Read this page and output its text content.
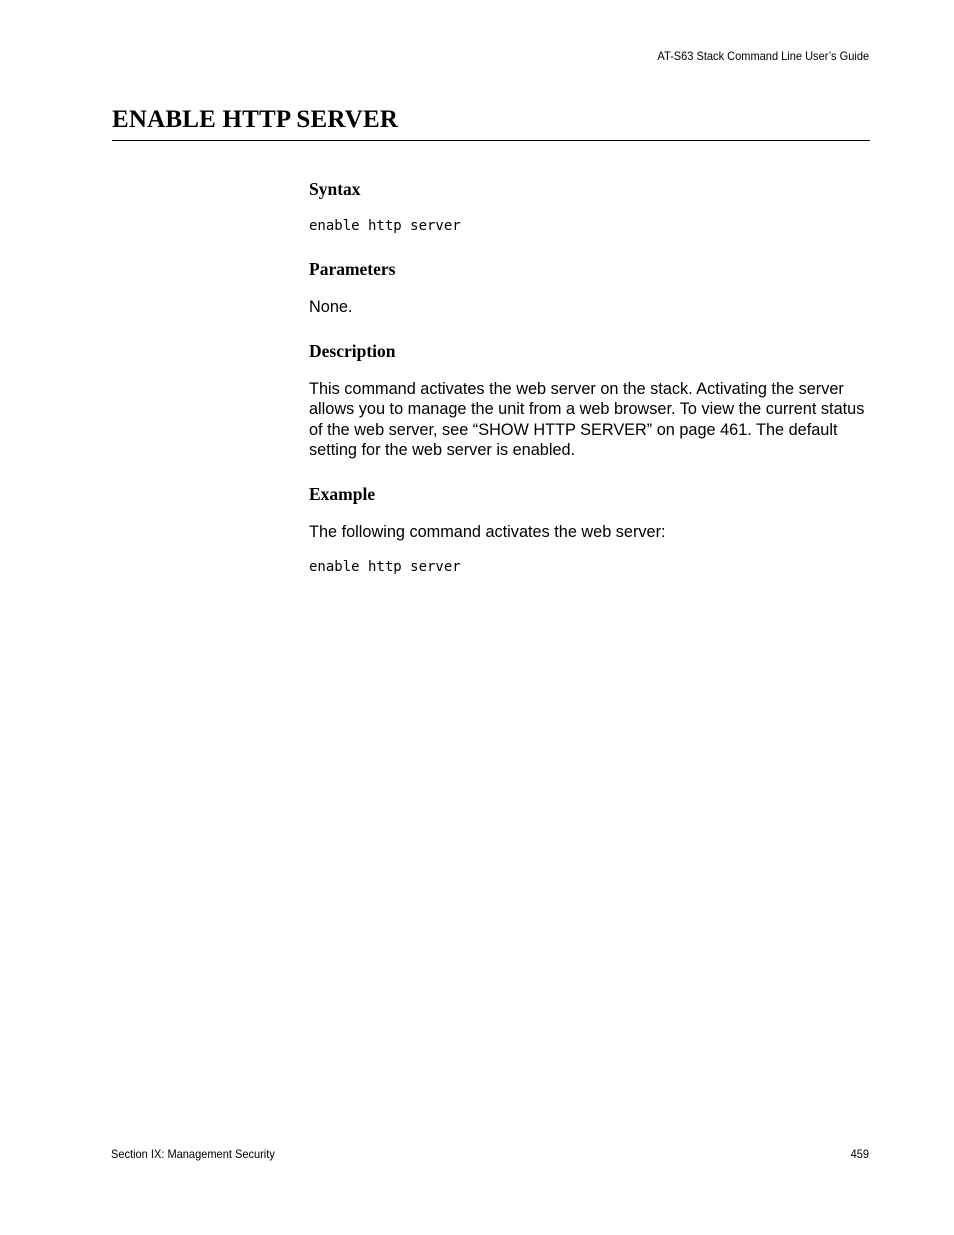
AT-S63 Stack Command Line User’s Guide
ENABLE HTTP SERVER
Syntax

enable http server

Parameters

None.

Description

This command activates the web server on the stack. Activating the server allows you to manage the unit from a web browser. To view the current status of the web server, see “SHOW HTTP SERVER” on page 461. The default setting for the web server is enabled.

Example

The following command activates the web server:

enable http server

Section IX: Management Security	459
